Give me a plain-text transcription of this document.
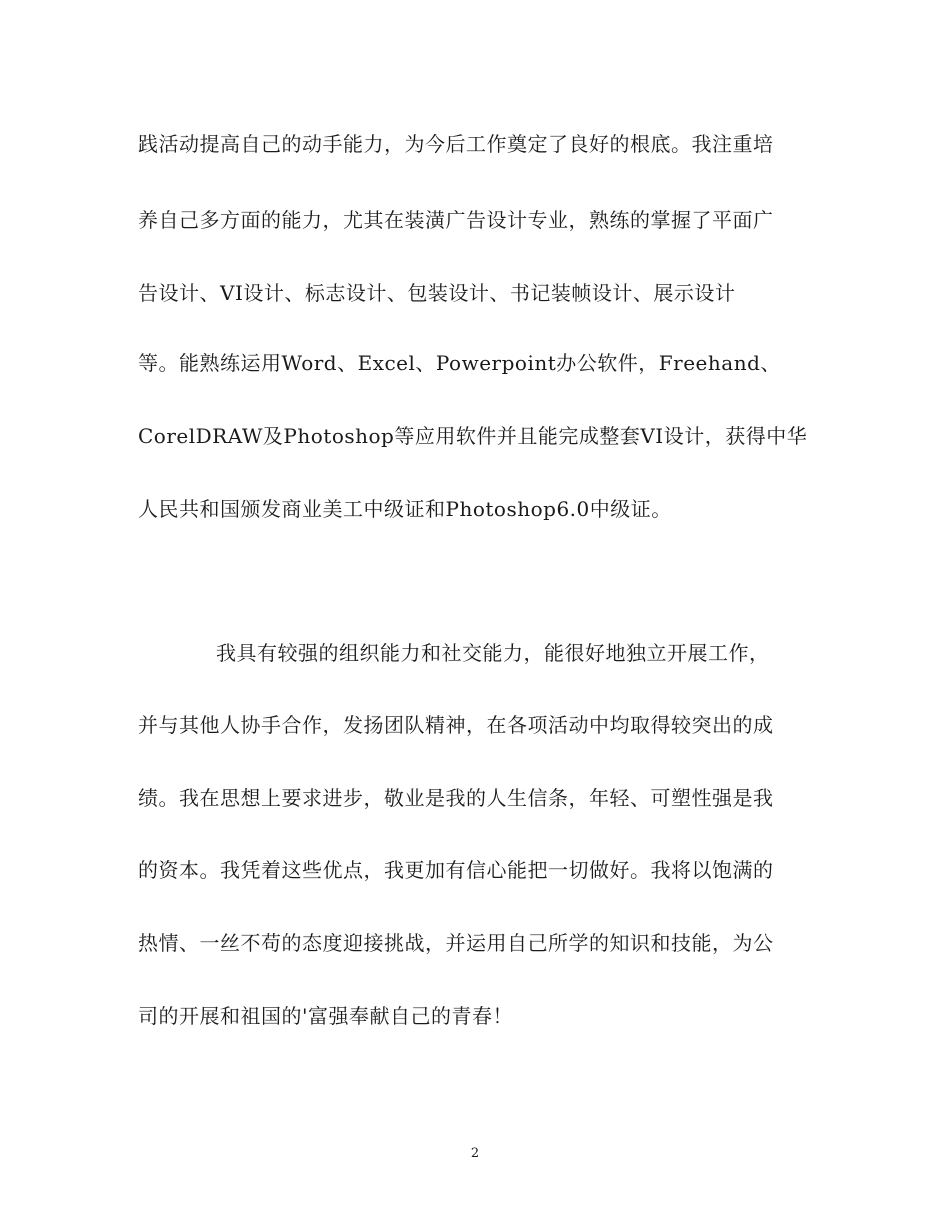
践活动提高自己的动手能力，为今后工作奠定了良好的根底。我注重培
养自己多方面的能力，尤其在装潢广告设计专业，熟练的掌握了平面广
告设计、VI设计、标志设计、包装设计、书记装帧设计、展示设计
等。能熟练运用Word、Excel、Powerpoint办公软件，Freehand、
CorelDRAW及Photoshop等应用软件并且能完成整套VI设计，获得中华
人民共和国颁发商业美工中级证和Photoshop6.0中级证。
我具有较强的组织能力和社交能力，能很好地独立开展工作，
并与其他人协手合作，发扬团队精神，在各项活动中均取得较突出的成
绩。我在思想上要求进步，敬业是我的人生信条，年轻、可塑性强是我
的资本。我凭着这些优点，我更加有信心能把一切做好。我将以饱满的
热情、一丝不苟的态度迎接挑战，并运用自己所学的知识和技能，为公
司的开展和祖国的'富强奉献自己的青春！
2
